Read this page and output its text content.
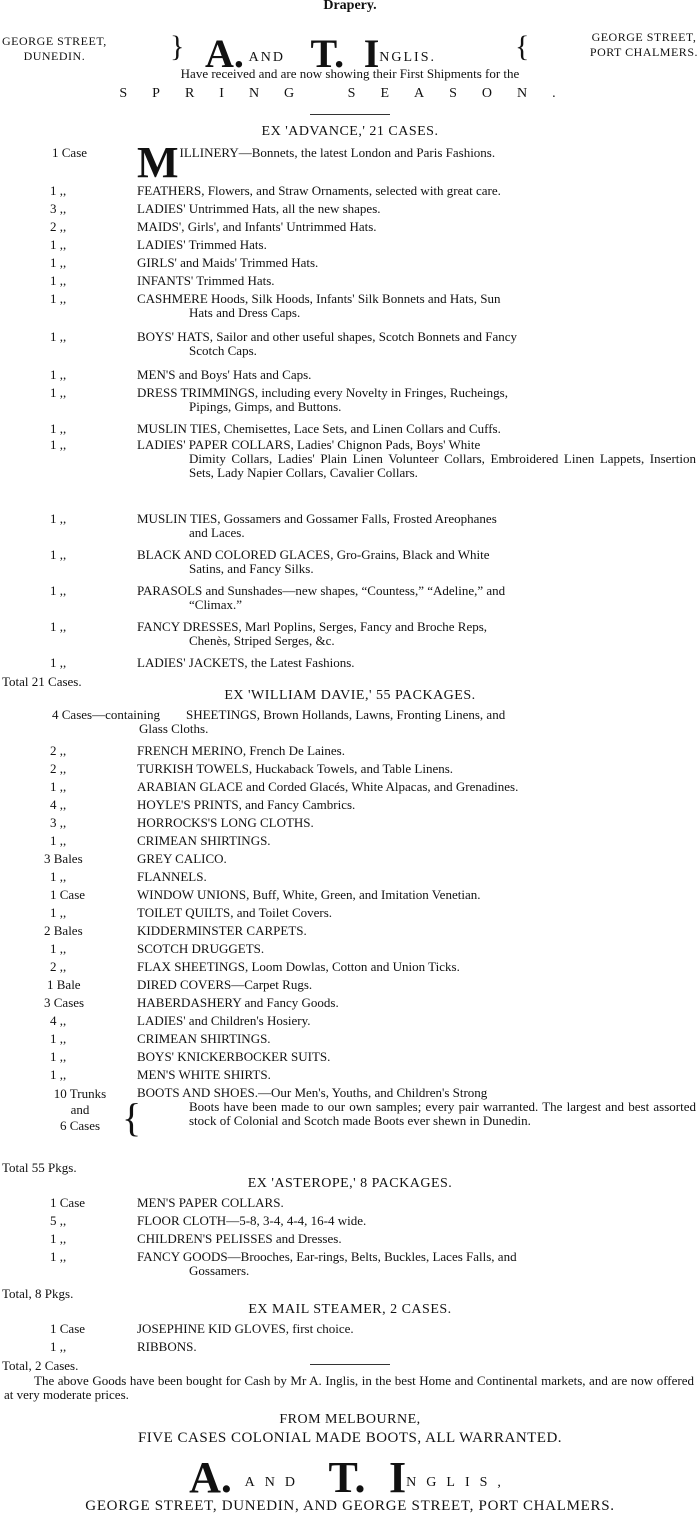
Drapery.
GEORGE STREET,
DUNEDIN.	} A. AND T. INGLIS.	{	GEORGE STREET,
PORT CHALMERS.
Have received and are now showing their First Shipments for the
SPRING SEASON.
EX 'ADVANCE,' 21 CASES.
1 Case	MILLINERY—Bonnets, the latest London and Paris Fashions.
1 ,,	FEATHERS, Flowers, and Straw Ornaments, selected with great care.
3 ,,	LADIES' Untrimmed Hats, all the new shapes.
2 ,,	MAIDS', Girls', and Infants' Untrimmed Hats.
1 ,,	LADIES' Trimmed Hats.
1 ,,	GIRLS' and Maids' Trimmed Hats.
1 ,,	INFANTS' Trimmed Hats.
1 ,,	CASHMERE Hoods, Silk Hoods, Infants' Silk Bonnets and Hats, Sun
Hats and Dress Caps.
1 ,,	BOYS' HATS, Sailor and other useful shapes, Scotch Bonnets and Fancy
Scotch Caps.
1 ,,	MEN'S and Boys' Hats and Caps.
1 ,,	DRESS TRIMMINGS, including every Novelty in Fringes, Rucheings,
Pipings, Gimps, and Buttons.
1 ,,	MUSLIN TIES, Chemisettes, Lace Sets, and Linen Collars and Cuffs.
1 ,,	LADIES' PAPER COLLARS, Ladies' Chignon Pads, Boys' White
Dimity Collars, Ladies' Plain Linen Volunteer Collars, Embroidered Linen Lappets, Insertion Sets, Lady Napier Collars, Cavalier Collars.
1 ,,	MUSLIN TIES, Gossamers and Gossamer Falls, Frosted Areophanes
and Laces.
1 ,,	BLACK AND COLORED GLACES, Gro-Grains, Black and White
Satins, and Fancy Silks.
1 ,,	PARASOLS and Sunshades—new shapes, “Countess,” “Adeline,” and
“Climax.”
1 ,,	FANCY DRESSES, Marl Poplins, Serges, Fancy and Broche Reps,
Chenès, Striped Serges, &c.
1 ,,	LADIES' JACKETS, the Latest Fashions.
Total 21 Cases.
EX 'WILLIAM DAVIE,' 55 PACKAGES.
4 Cases—containing	SHEETINGS, Brown Hollands, Lawns, Fronting Linens, and
Glass Cloths.
2 ,,	FRENCH MERINO, French De Laines.
2 ,,	TURKISH TOWELS, Huckaback Towels, and Table Linens.
1 ,,	ARABIAN GLACE and Corded Glacés, White Alpacas, and Grenadines.
4 ,,	HOYLE'S PRINTS, and Fancy Cambrics.
3 ,,	HORROCKS'S LONG CLOTHS.
1 ,,	CRIMEAN SHIRTINGS.
3 Bales	GREY CALICO.
1 ,,	FLANNELS.
1 Case	WINDOW UNIONS, Buff, White, Green, and Imitation Venetian.
1 ,,	TOILET QUILTS, and Toilet Covers.
2 Bales	KIDDERMINSTER CARPETS.
1 ,,	SCOTCH DRUGGETS.
2 ,,	FLAX SHEETINGS, Loom Dowlas, Cotton and Union Ticks.
1 Bale	DIRED COVERS—Carpet Rugs.
3 Cases	HABERDASHERY and Fancy Goods.
4 ,,	LADIES' and Children's Hosiery.
1 ,,	CRIMEAN SHIRTINGS.
1 ,,	BOYS' KNICKERBOCKER SUITS.
1 ,,	MEN'S WHITE SHIRTS.
10 Trunks
and
6 Cases {
BOOTS AND SHOES.—Our Men's, Youths, and Children's Strong
Boots have been made to our own samples; every pair warranted. The largest and best assorted stock of Colonial and Scotch made Boots ever shewn in Dunedin.
Total 55 Pkgs.
EX 'ASTEROPE,' 8 PACKAGES.
1 Case	MEN'S PAPER COLLARS.
5 ,,	FLOOR CLOTH—5-8, 3-4, 4-4, 16-4 wide.
1 ,,	CHILDREN'S PELISSES and Dresses.
1 ,,	FANCY GOODS—Brooches, Ear-rings, Belts, Buckles, Laces Falls, and
Gossamers.
Total, 8 Pkgs.
EX MAIL STEAMER, 2 CASES.
1 Case	JOSEPHINE KID GLOVES, first choice.
1 ,,	RIBBONS.
Total, 2 Cases.
The above Goods have been bought for Cash by Mr A. Inglis, in the best Home and Continental markets, and are now offered at very moderate prices.
FROM MELBOURNE,
FIVE CASES COLONIAL MADE BOOTS, ALL WARRANTED.
A. AND T. INGLIS,
GEORGE STREET, DUNEDIN, AND GEORGE STREET, PORT CHALMERS.
